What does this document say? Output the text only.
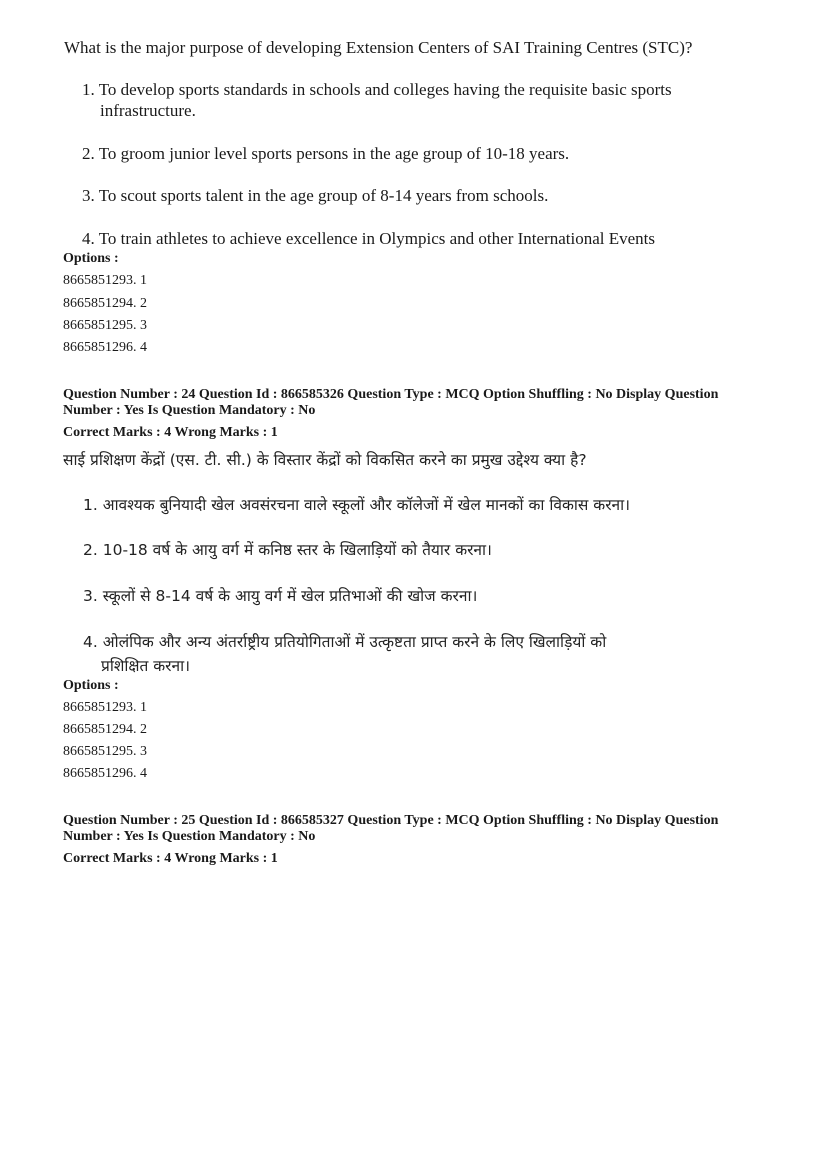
What is the major purpose of developing Extension Centers of SAI Training Centres (STC)?
1. To develop sports standards in schools and colleges having the requisite basic sports
infrastructure.
2. To groom junior level sports persons in the age group of 10-18 years.
3. To scout sports talent in the age group of 8-14 years from schools.
4. To train athletes to achieve excellence in Olympics and other International Events
Options :
8665851293. 1
8665851294. 2
8665851295. 3
8665851296. 4
Question Number : 24 Question Id : 866585326 Question Type : MCQ Option Shuffling : No Display Question
Number : Yes Is Question Mandatory : No
Correct Marks : 4 Wrong Marks : 1
साई प्रशिक्षण केंद्रों (एस. टी. सी.) के विस्तार केंद्रों को विकसित करने का प्रमुख उद्देश्य क्या है?
1. आवश्यक बुनियादी खेल अवसंरचना वाले स्कूलों और कॉलेजों में खेल मानकों का विकास करना।
2. 10-18 वर्ष के आयु वर्ग में कनिष्ठ स्तर के खिलाड़ियों को तैयार करना।
3. स्कूलों से 8-14 वर्ष के आयु वर्ग में खेल प्रतिभाओं की खोज करना।
4. ओलंपिक और अन्य अंतर्राष्ट्रीय प्रतियोगिताओं में उत्कृष्टता प्राप्त करने के लिए खिलाड़ियों को
प्रशिक्षित करना।
Options :
8665851293. 1
8665851294. 2
8665851295. 3
8665851296. 4
Question Number : 25 Question Id : 866585327 Question Type : MCQ Option Shuffling : No Display Question
Number : Yes Is Question Mandatory : No
Correct Marks : 4 Wrong Marks : 1
